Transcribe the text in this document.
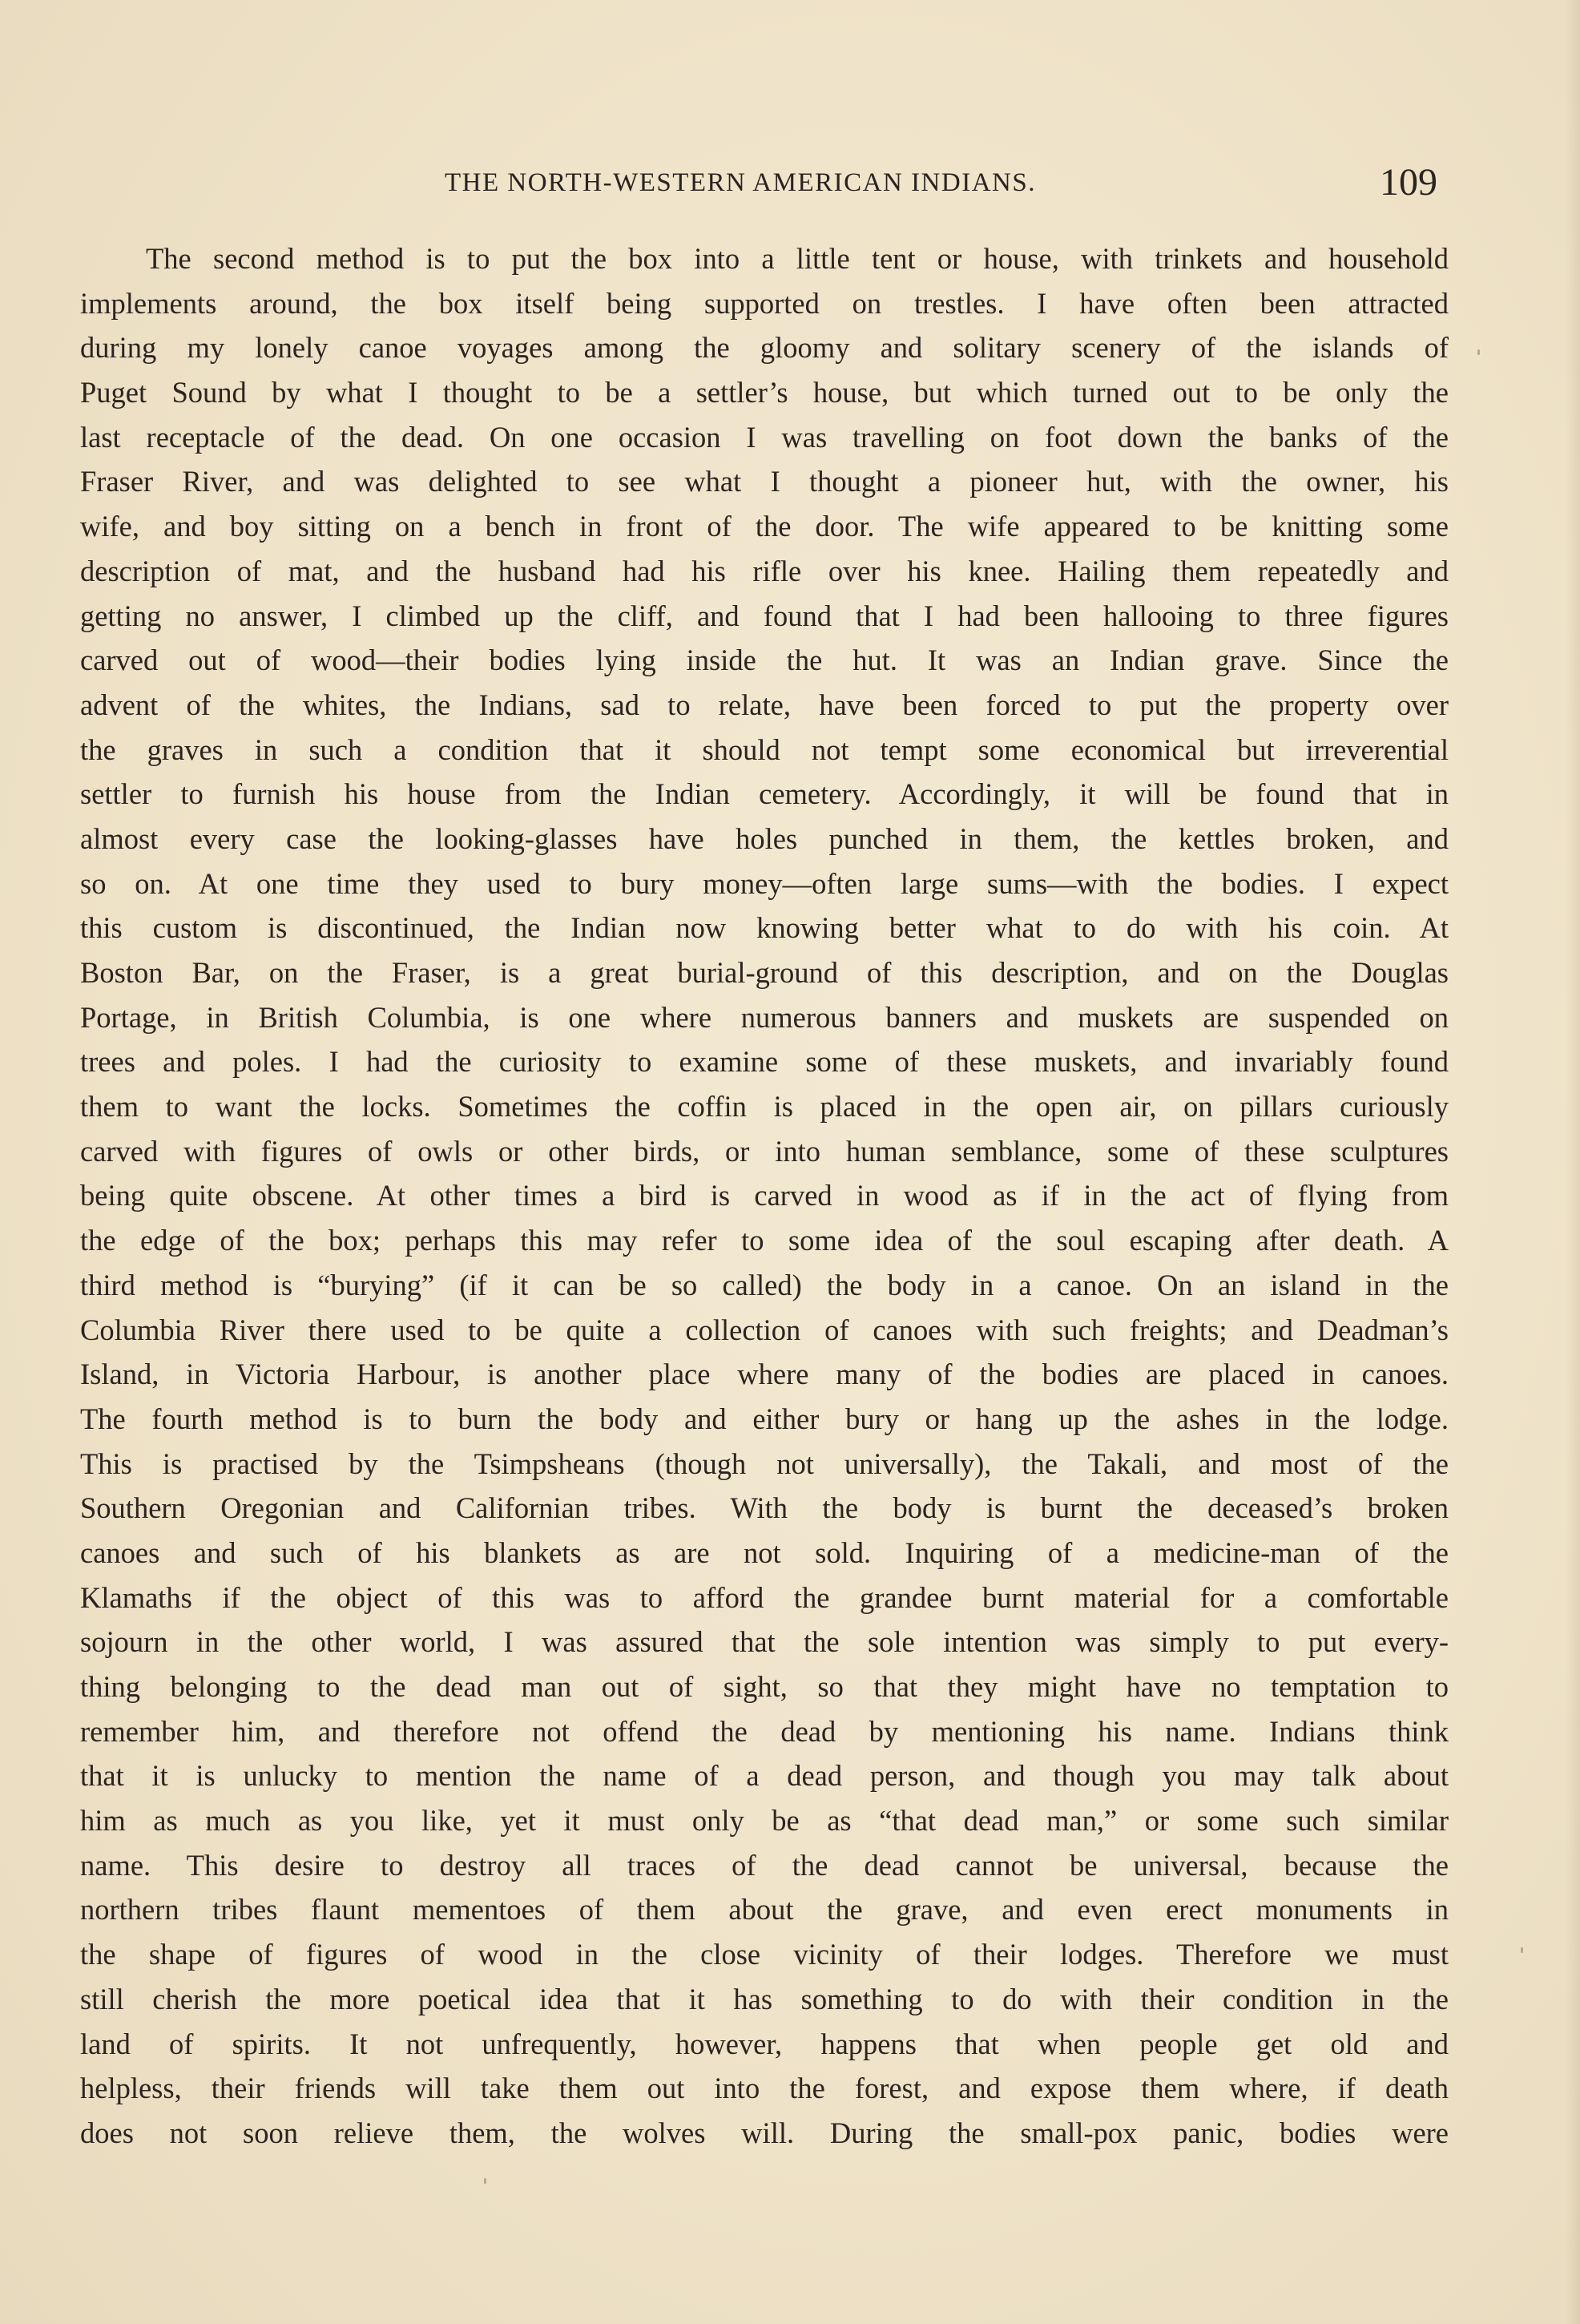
THE NORTH-WESTERN AMERICAN INDIANS.	109
The second method is to put the box into a little tent or house, with trinkets and household
implements around, the box itself being supported on trestles. I have often been attracted
during my lonely canoe voyages among the gloomy and solitary scenery of the islands of
Puget Sound by what I thought to be a settler’s house, but which turned out to be only the
last receptacle of the dead. On one occasion I was travelling on foot down the banks of the
Fraser River, and was delighted to see what I thought a pioneer hut, with the owner, his
wife, and boy sitting on a bench in front of the door. The wife appeared to be knitting some
description of mat, and the husband had his rifle over his knee. Hailing them repeatedly and
getting no answer, I climbed up the cliff, and found that I had been hallooing to three figures
carved out of wood—their bodies lying inside the hut. It was an Indian grave. Since the
advent of the whites, the Indians, sad to relate, have been forced to put the property over
the graves in such a condition that it should not tempt some economical but irreverential
settler to furnish his house from the Indian cemetery. Accordingly, it will be found that in
almost every case the looking-glasses have holes punched in them, the kettles broken, and
so on. At one time they used to bury money—often large sums—with the bodies. I expect
this custom is discontinued, the Indian now knowing better what to do with his coin. At
Boston Bar, on the Fraser, is a great burial-ground of this description, and on the Douglas
Portage, in British Columbia, is one where numerous banners and muskets are suspended on
trees and poles. I had the curiosity to examine some of these muskets, and invariably found
them to want the locks. Sometimes the coffin is placed in the open air, on pillars curiously
carved with figures of owls or other birds, or into human semblance, some of these sculptures
being quite obscene. At other times a bird is carved in wood as if in the act of flying from
the edge of the box; perhaps this may refer to some idea of the soul escaping after death. A
third method is “burying” (if it can be so called) the body in a canoe. On an island in the
Columbia River there used to be quite a collection of canoes with such freights; and Deadman’s
Island, in Victoria Harbour, is another place where many of the bodies are placed in canoes.
The fourth method is to burn the body and either bury or hang up the ashes in the lodge.
This is practised by the Tsimpsheans (though not universally), the Takali, and most of the
Southern Oregonian and Californian tribes. With the body is burnt the deceased’s broken
canoes and such of his blankets as are not sold. Inquiring of a medicine-man of the
Klamaths if the object of this was to afford the grandee burnt material for a comfortable
sojourn in the other world, I was assured that the sole intention was simply to put every-
thing belonging to the dead man out of sight, so that they might have no temptation to
remember him, and therefore not offend the dead by mentioning his name. Indians think
that it is unlucky to mention the name of a dead person, and though you may talk about
him as much as you like, yet it must only be as “that dead man,” or some such similar
name. This desire to destroy all traces of the dead cannot be universal, because the
northern tribes flaunt mementoes of them about the grave, and even erect monuments in
the shape of figures of wood in the close vicinity of their lodges. Therefore we must
still cherish the more poetical idea that it has something to do with their condition in the
land of spirits. It not unfrequently, however, happens that when people get old and
helpless, their friends will take them out into the forest, and expose them where, if death
does not soon relieve them, the wolves will. During the small-pox panic, bodies were
